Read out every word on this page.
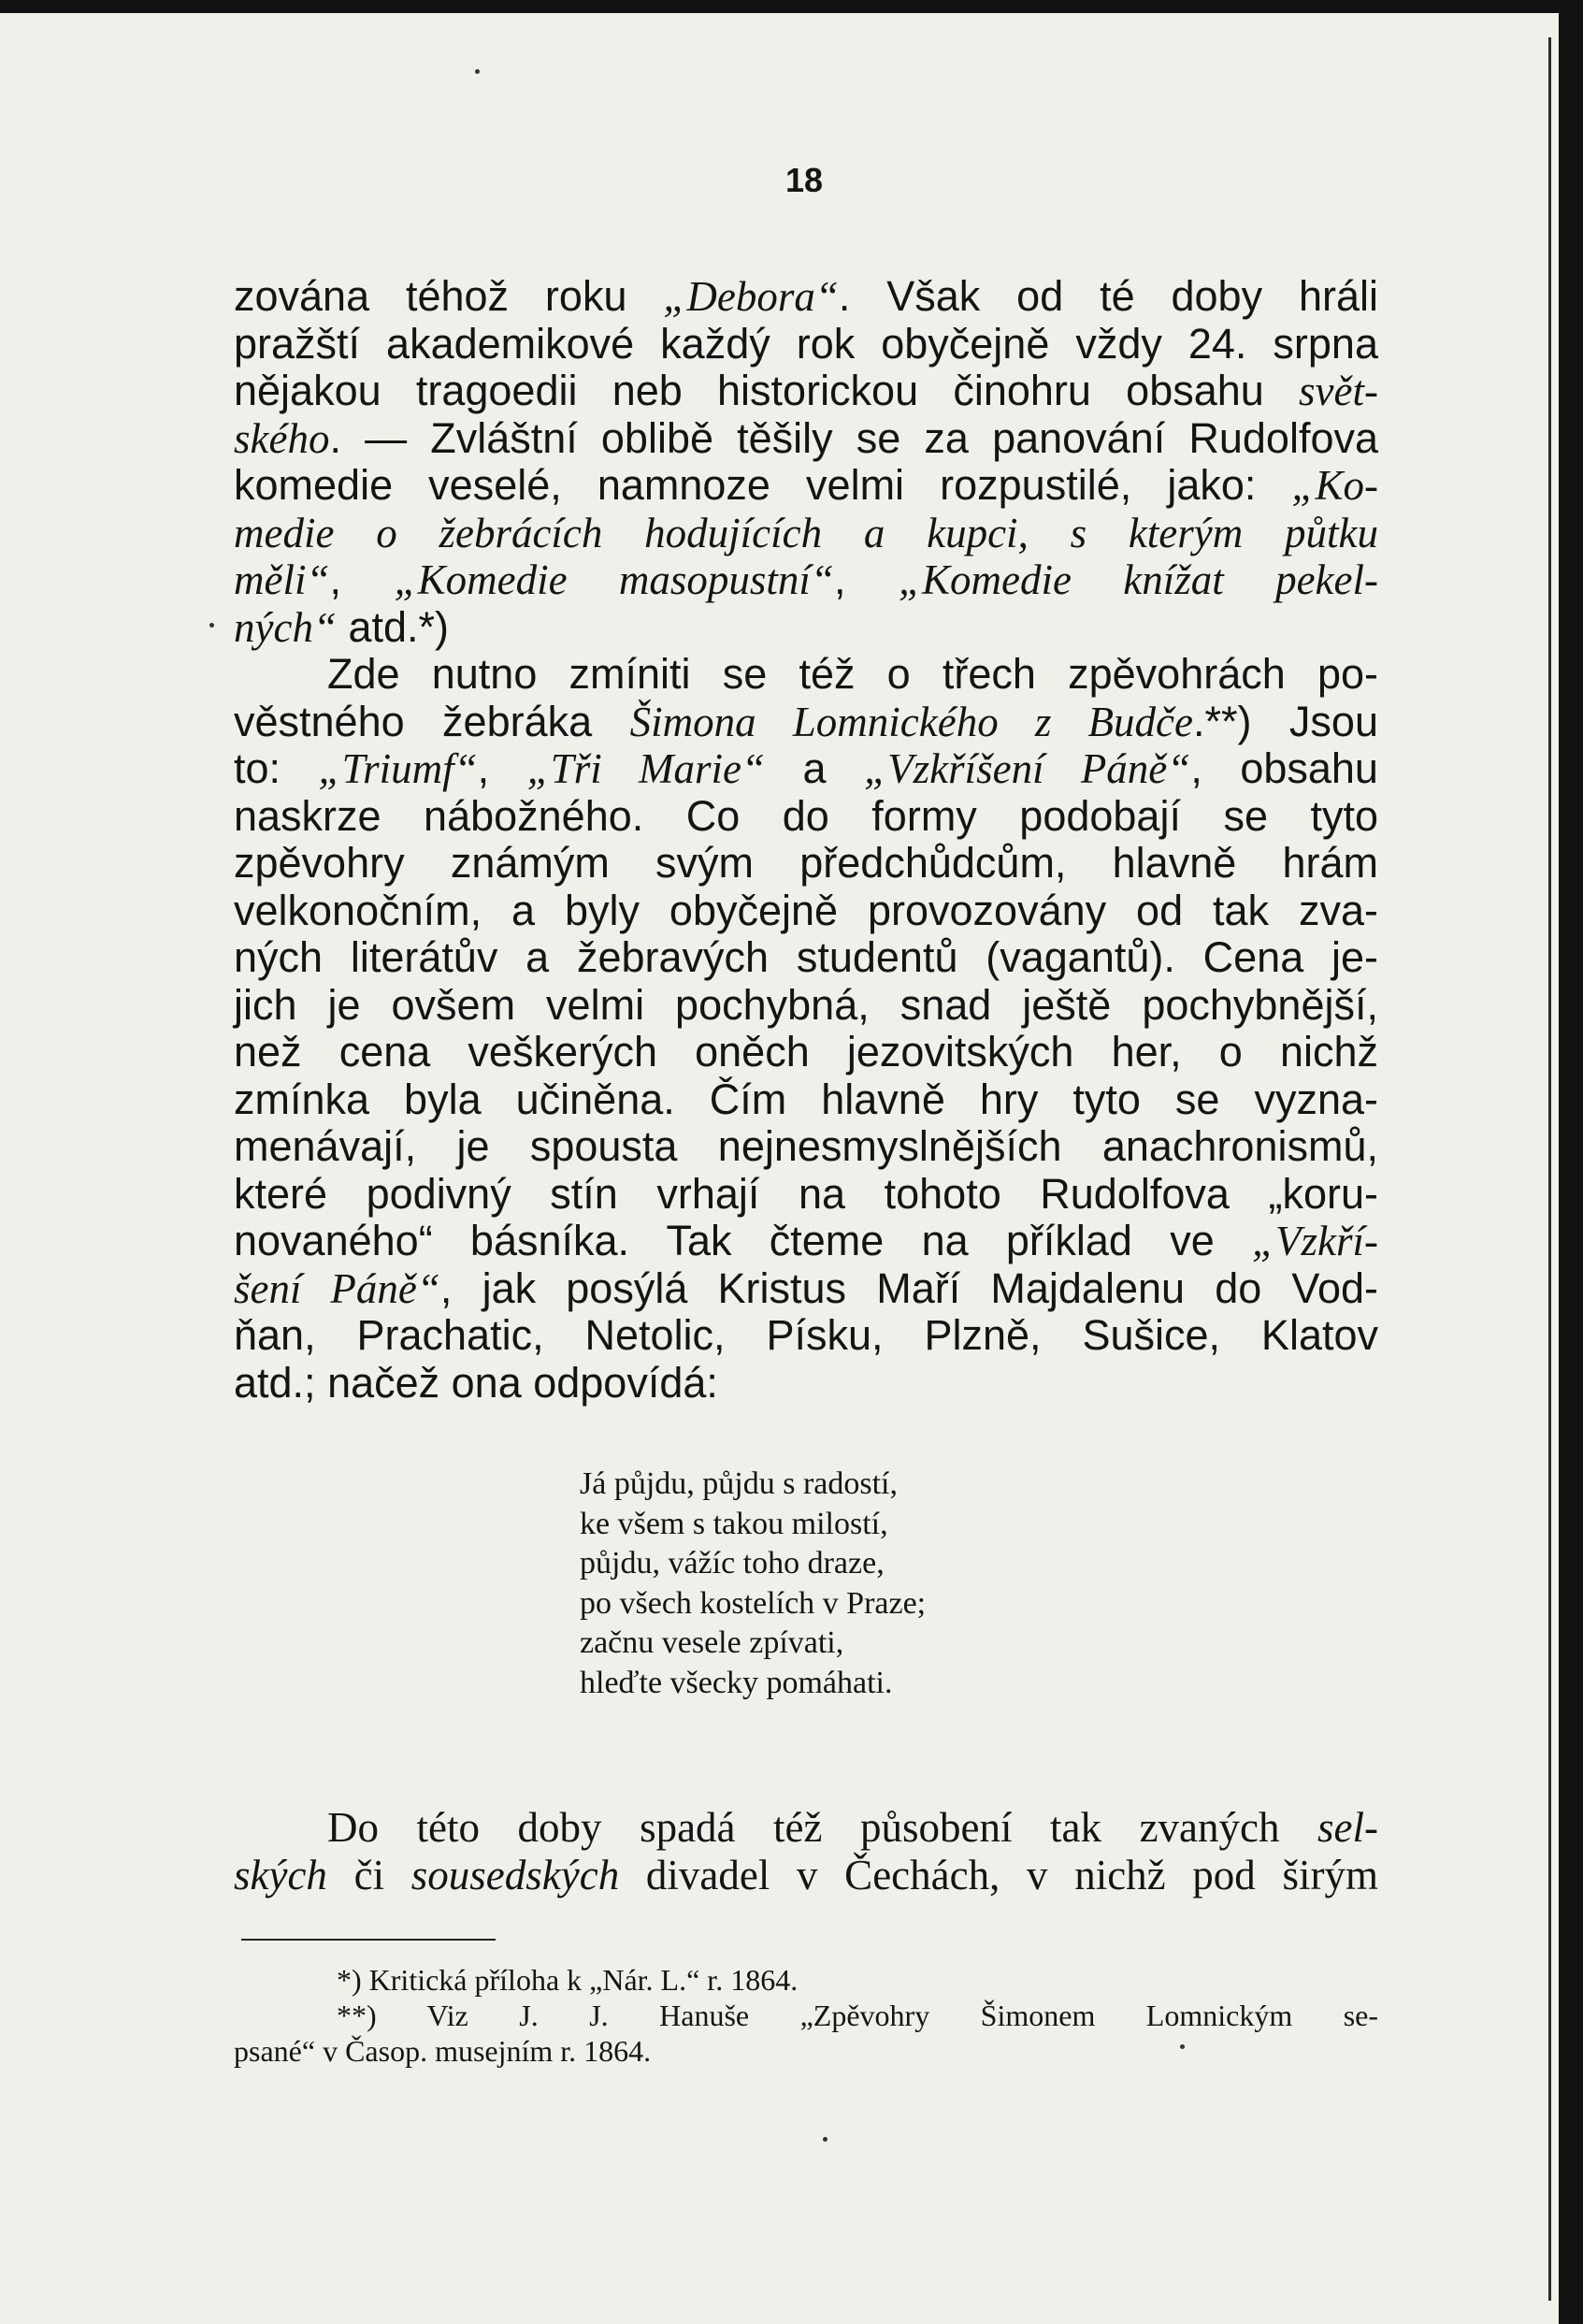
18
zována téhož roku „Debora“. Však od té doby hráli
pražští akademikové každý rok obyčejně vždy 24. srpna
nějakou tragoedii neb historickou činohru obsahu svět-
ského. — Zvláštní oblibě těšily se za panování Rudolfova
komedie veselé, namnoze velmi rozpustilé, jako: „Ko-
medie o žebrácích hodujících a kupci, s kterým půtku
měli“, „Komedie masopustní“, „Komedie knížat pekel-
ných“ atd.*)
Zde nutno zmíniti se též o třech zpěvohrách po-
věstného žebráka Šimona Lomnického z Budče.**) Jsou
to: „Triumf“, „Tři Marie“ a „Vzkříšení Páně“, obsahu
naskrze nábožného. Co do formy podobají se tyto
zpěvohry známým svým předchůdcům, hlavně hrám
velkonočním, a byly obyčejně provozovány od tak zva-
ných literátův a žebravých studentů (vagantů). Cena je-
jich je ovšem velmi pochybná, snad ještě pochybnější,
než cena veškerých oněch jezovitských her, o nichž
zmínka byla učiněna. Čím hlavně hry tyto se vyzna-
menávají, je spousta nejnesmyslnějších anachronismů,
které podivný stín vrhají na tohoto Rudolfova „koru-
novaného“ básníka. Tak čteme na příklad ve „Vzkří-
šení Páně“, jak posýlá Kristus Maří Majdalenu do Vod-
ňan, Prachatic, Netolic, Písku, Plzně, Sušice, Klatov
atd.; načež ona odpovídá:
Já půjdu, půjdu s radostí,
ke všem s takou milostí,
půjdu, vážíc toho draze,
po všech kostelích v Praze;
začnu vesele zpívati,
hleďte všecky pomáhati.
Do této doby spadá též působení tak zvaných sel-
ských či sousedských divadel v Čechách, v nichž pod širým
*) Kritická příloha k „Nár. L.“ r. 1864.
**) Viz J. J. Hanuše „Zpěvohry Šimonem Lomnickým se-
psané“ v Časop. musejním r. 1864.
